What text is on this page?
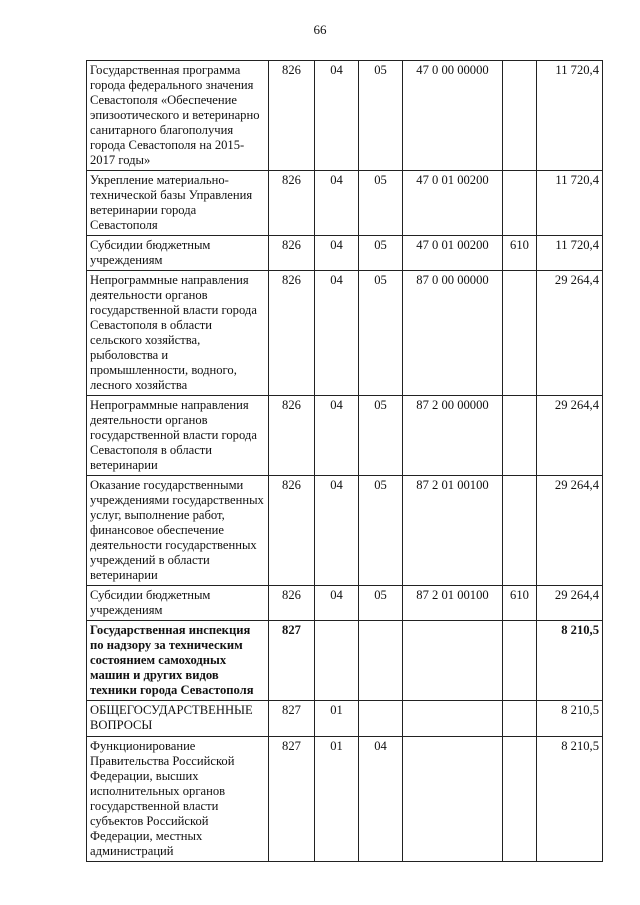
66
Государственная программа города федерального значения Севастополя «Обеспечение эпизоотического и ветеринарно санитарного благополучия города Севастополя на 2015-2017 годы»	826	04	05	47 0 00 00000		11 720,4
Укрепление материально-технической базы Управления ветеринарии города Севастополя	826	04	05	47 0 01 00200		11 720,4
Субсидии бюджетным учреждениям	826	04	05	47 0 01 00200	610	11 720,4
Непрограммные направления деятельности органов государственной власти города Севастополя в области сельского хозяйства, рыболовства и промышленности, водного, лесного хозяйства	826	04	05	87 0 00 00000		29 264,4
Непрограммные направления деятельности органов государственной власти города Севастополя в области ветеринарии	826	04	05	87 2 00 00000		29 264,4
Оказание государственными учреждениями государственных услуг, выполнение работ, финансовое обеспечение деятельности государственных учреждений в области ветеринарии	826	04	05	87 2 01 00100		29 264,4
Субсидии бюджетным учреждениям	826	04	05	87 2 01 00100	610	29 264,4
Государственная инспекция по надзору за техническим состоянием самоходных машин и других видов техники города Севастополя	827					8 210,5
ОБЩЕГОСУДАРСТВЕННЫЕ ВОПРОСЫ	827	01				8 210,5
Функционирование Правительства Российской Федерации, высших исполнительных органов государственной власти субъектов Российской Федерации, местных администраций	827	01	04			8 210,5
